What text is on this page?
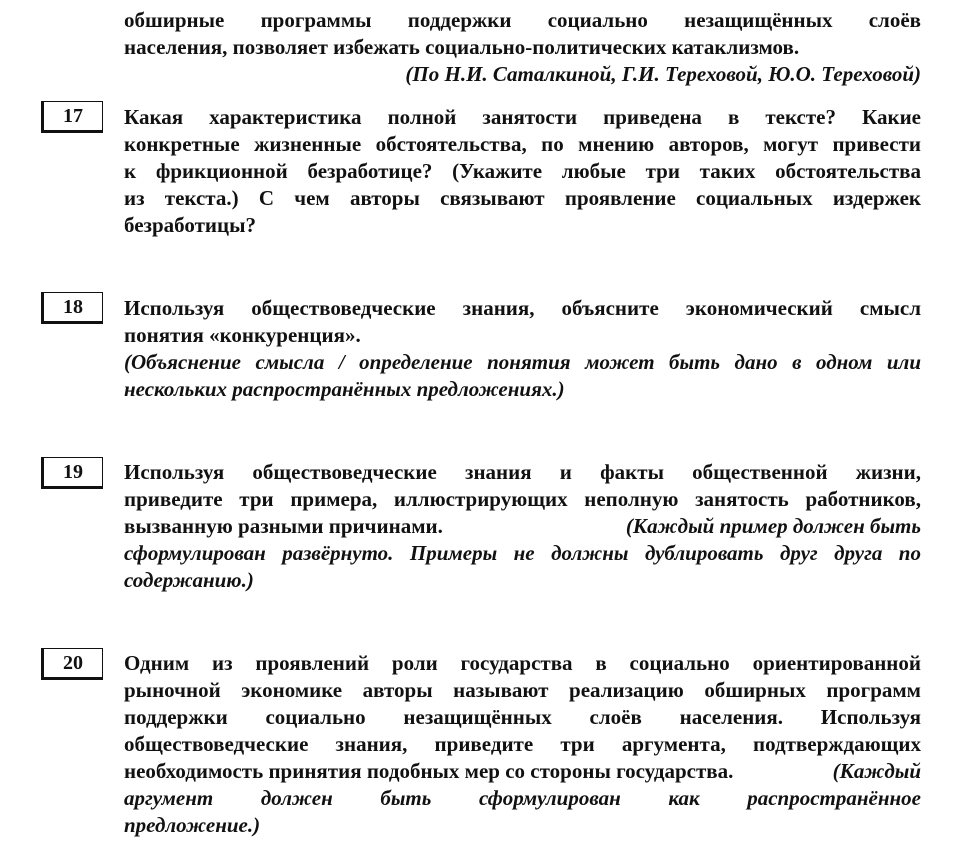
обширные программы поддержки социально незащищённых слоёв
населения, позволяет избежать социально-политических катаклизмов.
(По Н.И. Саталкиной, Г.И. Тереховой, Ю.О. Тереховой)
17	Какая характеристика полной занятости приведена в тексте? Какие
конкретные жизненные обстоятельства, по мнению авторов, могут привести
к фрикционной безработице? (Укажите любые три таких обстоятельства
из текста.) С чем авторы связывают проявление социальных издержек
безработицы?
18	Используя обществоведческие знания, объясните экономический смысл
понятия «конкуренция».
(Объяснение смысла / определение понятия может быть дано в одном или
нескольких распространённых предложениях.)
19	Используя обществоведческие знания и факты общественной жизни,
приведите три примера, иллюстрирующих неполную занятость работников,
вызванную разными причинами.	(Каждый пример должен быть
сформулирован развёрнуто. Примеры не должны дублировать друг друга по
содержанию.)
20	Одним из проявлений роли государства в социально ориентированной
рыночной экономике авторы называют реализацию обширных программ
поддержки социально незащищённых слоёв населения. Используя
обществоведческие знания, приведите три аргумента, подтверждающих
необходимость принятия подобных мер со стороны государства.	(Каждый
аргумент должен быть сформулирован как распространённое
предложение.)
